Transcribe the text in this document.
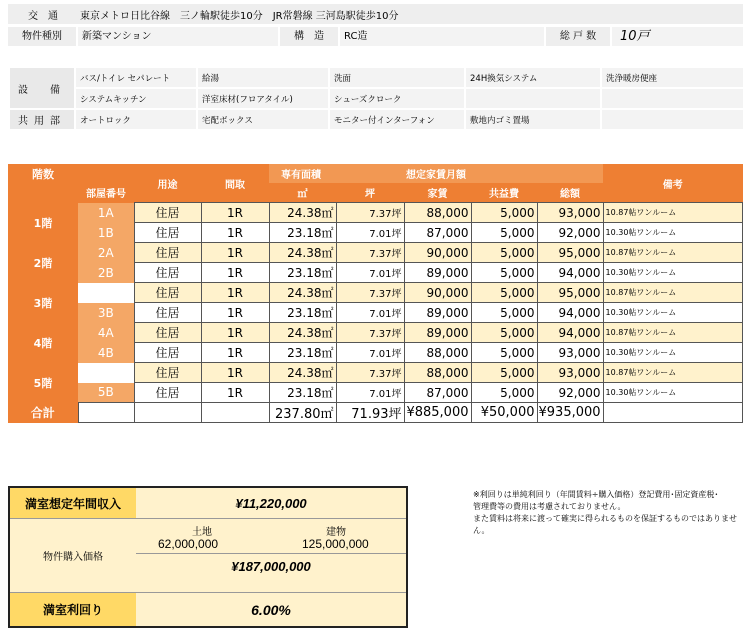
交　通	東京メトロ日比谷線　三ノ輪駅徒歩10分　JR常磐線 三河島駅徒歩10分
物件種別	新築マンション	構　造	RC造	総 戸 数	10戸
設　備	バス/トイレ セパレート	給湯	洗面	24H換気システム	洗浄暖房便座
	システムキッチン	洋室床材(フロアタイル)	シューズクローク		
共用部	オートロック	宅配ボックス	モニター付インターフォン	敷地内ゴミ置場	
階数		用途	間取	専有面積		想定家賃月額			備考
	部屋番号			㎡	坪	家賃	共益費	総額	
1階	1A	住居	1R	24.38㎡	7.37坪	88,000	5,000	93,000	10.87帖ワンルーム
	1B	住居	1R	23.18㎡	7.01坪	87,000	5,000	92,000	10.30帖ワンルーム
2階	2A	住居	1R	24.38㎡	7.37坪	90,000	5,000	95,000	10.87帖ワンルーム
	2B	住居	1R	23.18㎡	7.01坪	89,000	5,000	94,000	10.30帖ワンルーム
3階		住居	1R	24.38㎡	7.37坪	90,000	5,000	95,000	10.87帖ワンルーム
	3B	住居	1R	23.18㎡	7.01坪	89,000	5,000	94,000	10.30帖ワンルーム
4階	4A	住居	1R	24.38㎡	7.37坪	89,000	5,000	94,000	10.87帖ワンルーム
	4B	住居	1R	23.18㎡	7.01坪	88,000	5,000	93,000	10.30帖ワンルーム
5階		住居	1R	24.38㎡	7.37坪	88,000	5,000	93,000	10.87帖ワンルーム
	5B	住居	1R	23.18㎡	7.01坪	87,000	5,000	92,000	10.30帖ワンルーム
合計				237.80㎡	71.93坪	¥885,000	¥50,000	¥935,000	
満室想定年間収入	¥11,220,000
物件購入価格
土地	建物
62,000,000	125,000,000
¥187,000,000
満室利回り	6.00%
※利回りは単純利回り（年間賃料÷購入価格）登記費用･固定資産税･
管理費等の費用は考慮されておりません。
また賃料は将来に渡って確実に得られるものを保証するものではありません。
